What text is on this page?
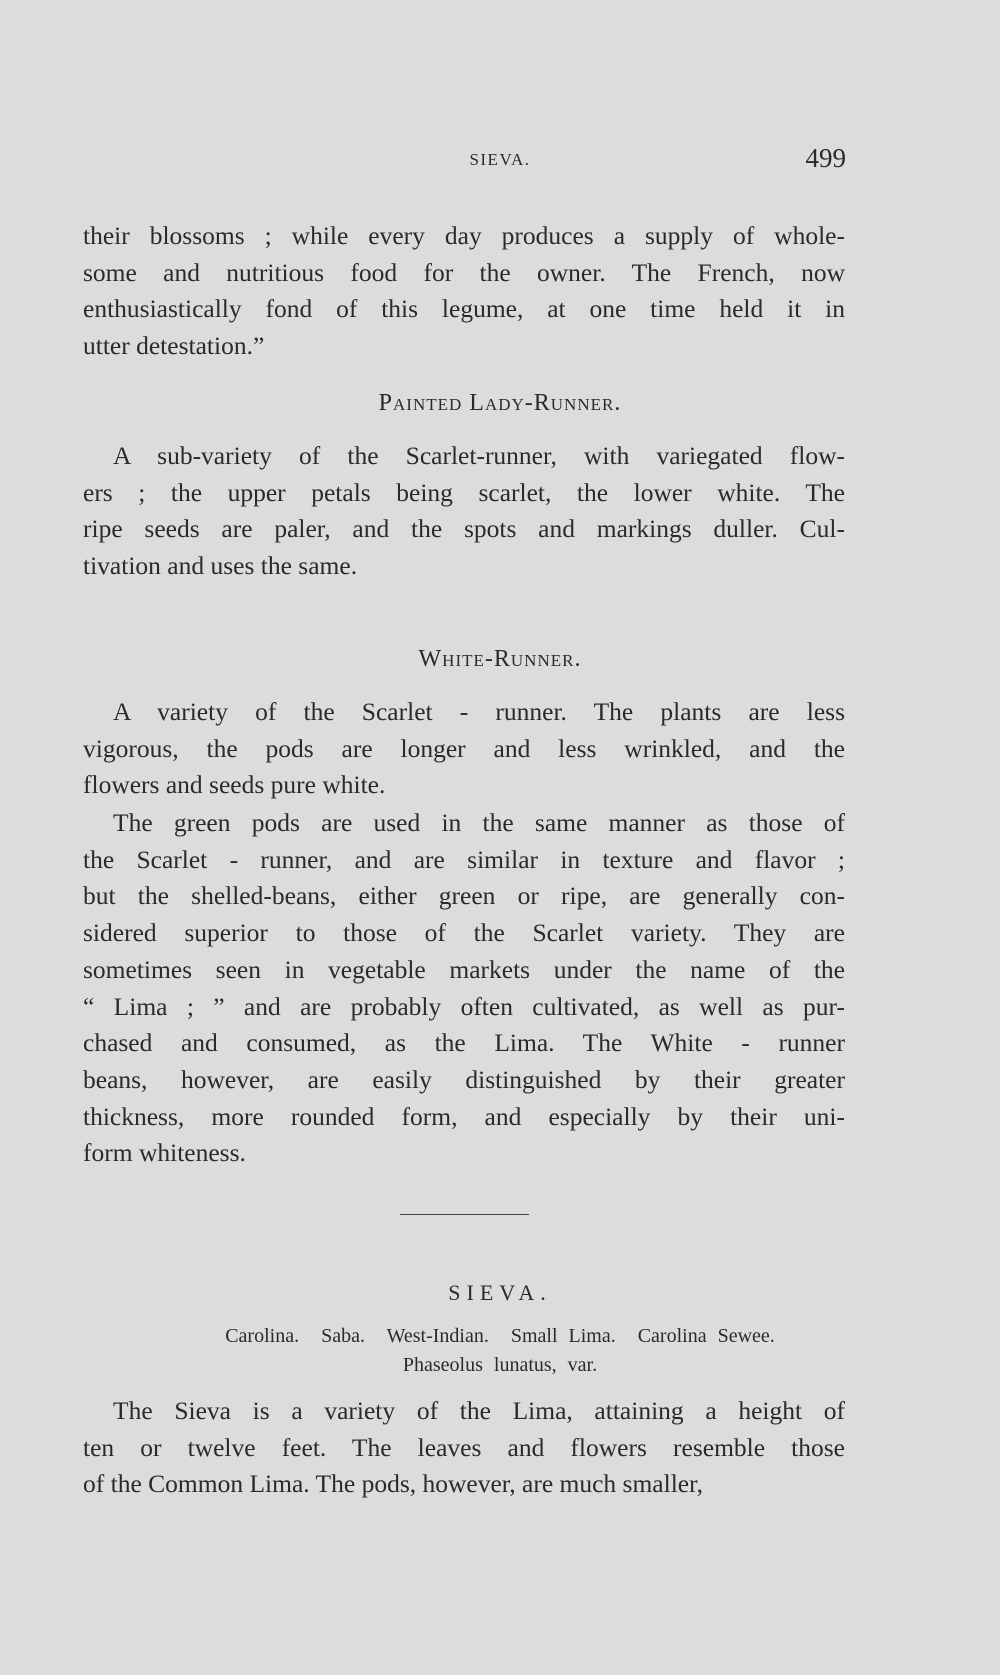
SIEVA.	499
their blossoms ; while every day produces a supply of whole-
some and nutritious food for the owner. The French, now
enthusiastically fond of this legume, at one time held it in
utter detestation.”
Painted Lady-Runner.
A sub-variety of the Scarlet-runner, with variegated flow-
ers ; the upper petals being scarlet, the lower white. The
ripe seeds are paler, and the spots and markings duller. Cul-
tivation and uses the same.
White-Runner.
A variety of the Scarlet - runner. The plants are less
vigorous, the pods are longer and less wrinkled, and the
flowers and seeds pure white.
The green pods are used in the same manner as those of
the Scarlet - runner, and are similar in texture and flavor ;
but the shelled-beans, either green or ripe, are generally con-
sidered superior to those of the Scarlet variety. They are
sometimes seen in vegetable markets under the name of the
“ Lima ; ” and are probably often cultivated, as well as pur-
chased and consumed, as the Lima. The White - runner
beans, however, are easily distinguished by their greater
thickness, more rounded form, and especially by their uni-
form whiteness.
SIEVA.
Carolina.  Saba.  West-Indian.  Small Lima.  Carolina Sewee.
Phaseolus lunatus, var.
The Sieva is a variety of the Lima, attaining a height of
ten or twelve feet. The leaves and flowers resemble those
of the Common Lima. The pods, however, are much smaller,
